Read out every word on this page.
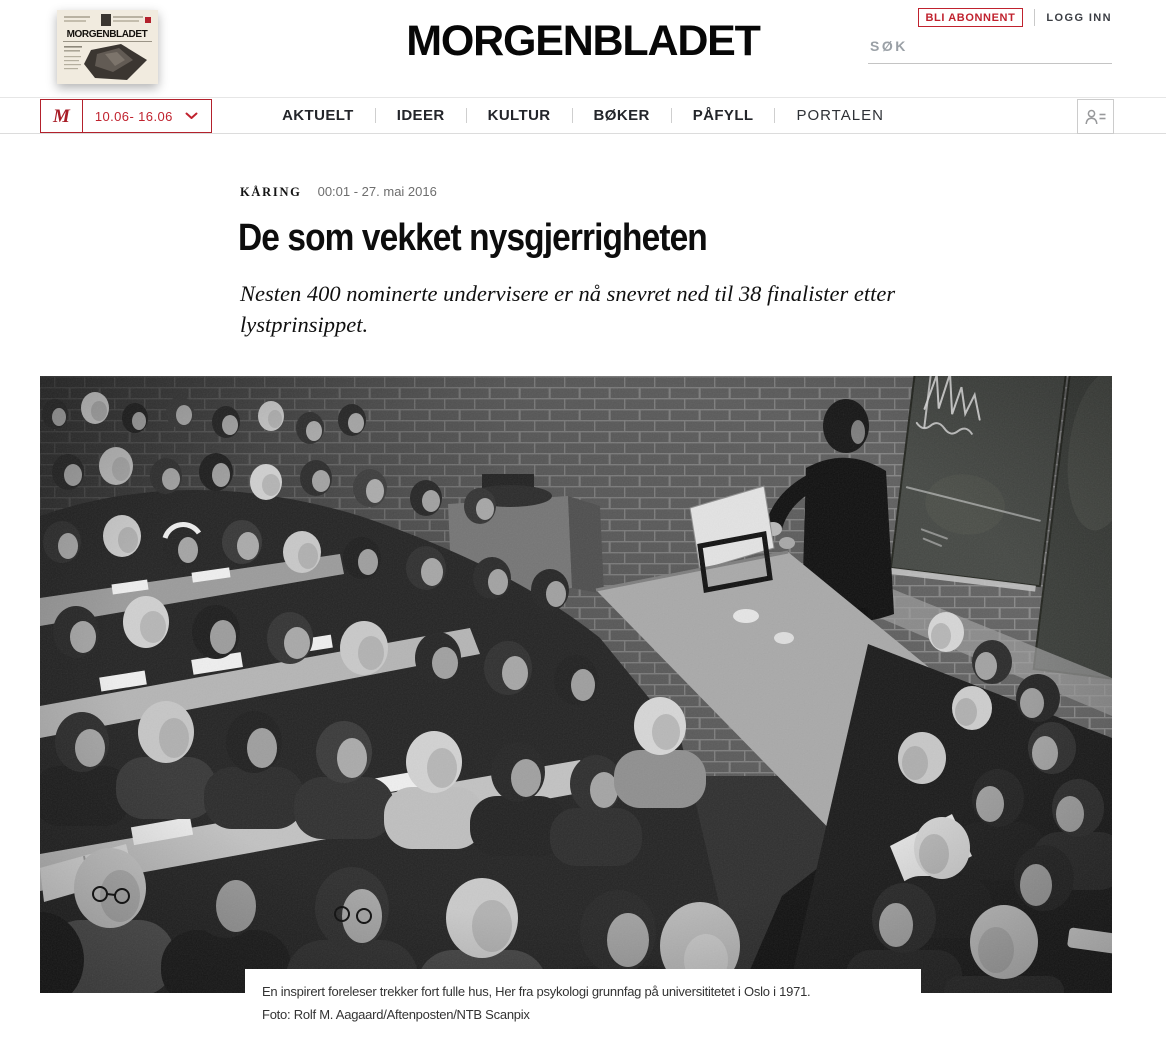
MORGENBLADET	MORGENBLADET	BLI ABONNENT	LOGG INN
SØK
M 10.06- 16.06	AKTUELT	IDEER	KULTUR	BØKER	PÅFYLL	PORTALEN
KÅRING 00:01 - 27. mai 2016
De som vekket nysgjerrigheten

Nesten 400 nominerte undervisere er nå snevret ned til 38 finalister etter lystprinsippet.

En inspirert foreleser trekker fort fulle hus, Her fra psykologi grunnfag på universititetet i Oslo i 1971.
Foto: Rolf M. Aagaard/Aftenposten/NTB Scanpix
